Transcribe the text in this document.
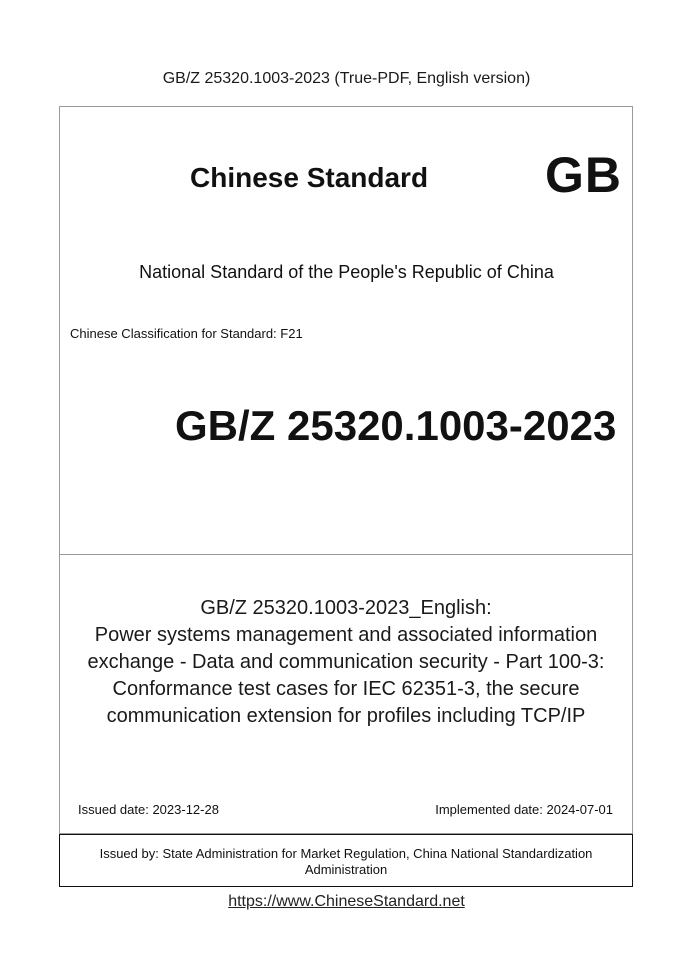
GB/Z 25320.1003-2023 (True-PDF, English version)
Chinese Standard GB
National Standard of the People's Republic of China
Chinese Classification for Standard: F21
GB/Z 25320.1003-2023
GB/Z 25320.1003-2023_English:
Power systems management and associated information
exchange - Data and communication security - Part 100-3:
Conformance test cases for IEC 62351-3, the secure
communication extension for profiles including TCP/IP
Issued date: 2023-12-28	Implemented date: 2024-07-01
Issued by: State Administration for Market Regulation, China National Standardization
Administration
https://www.ChineseStandard.net
